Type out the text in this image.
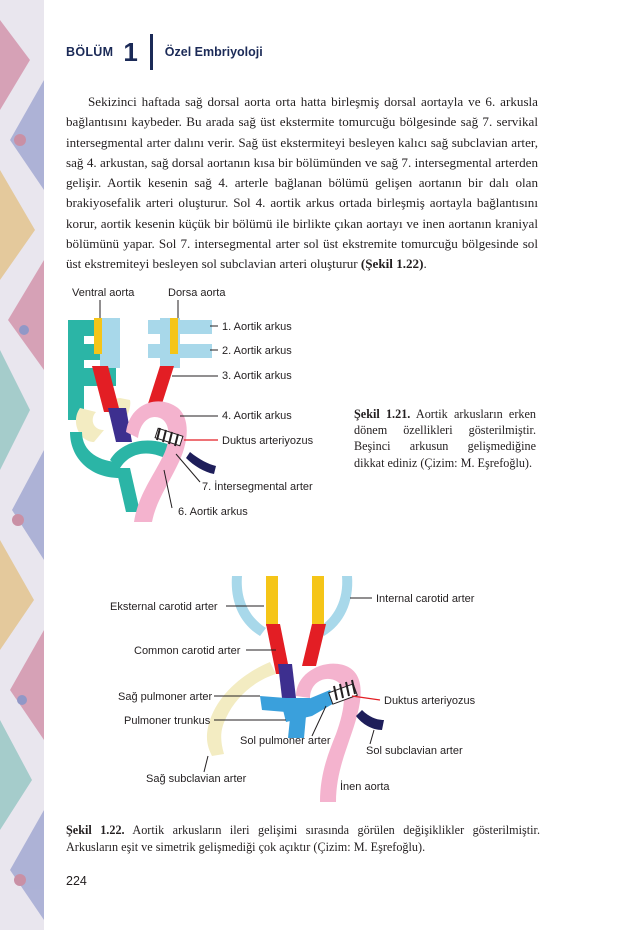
BÖLÜM 1 Özel Embriyoloji

Sekizinci haftada sağ dorsal aorta orta hatta birleşmiş dorsal aortayla ve 6. arkusla bağlantısını kaybeder. Bu arada sağ üst ekstermite tomurcuğu bölgesinde sağ 7. servikal intersegmental arter dalını verir. Sağ üst ekstermiteyi besleyen kalıcı sağ subclavian arter, sağ 4. arkustan, sağ dorsal aortanın kısa bir bölümünden ve sağ 7. intersegmental arterden gelişir. Aortik kesenin sağ 4. arterle bağlanan bölümü gelişen aortanın bir dalı olan brakiyosefalik arteri oluşturur. Sol 4. aortik arkus ortada birleşmiş aortayla bağlantısını korur, aortik kesenin küçük bir bölümü ile birlikte çıkan aortayı ve inen aortanın kraniyal bölümünü yapar. Sol 7. intersegmental arter sol üst ekstremite tomurcuğu bölgesinde sol üst ekstremiteyi besleyen sol subclavian arteri oluşturur (Şekil 1.22).

Ventral aorta	Dorsa aorta
1. Aortik arkus
2. Aortik arkus
3. Aortik arkus
4. Aortik arkus
Duktus arteriyozus
7. İntersegmental arter
6. Aortik arkus
Şekil 1.21. Aortik arkusların erken dönem özellikleri gösterilmiştir. Beşinci arkusun gelişmediğine dikkat ediniz (Çizim: M. Eşrefoğlu).
Eksternal carotid arter
Internal carotid arter
Common carotid arter
Sağ pulmoner arter	Duktus arteriyozus
Pulmoner trunkus
Sol pulmoner arter
Sol subclavian arter
Sağ subclavian arter
İnen aorta
Şekil 1.22. Aortik arkusların ileri gelişimi sırasında görülen değişiklikler gösterilmiştir. Arkusların eşit ve simetrik gelişmediği çok açıktır (Çizim: M. Eşrefoğlu).
224
